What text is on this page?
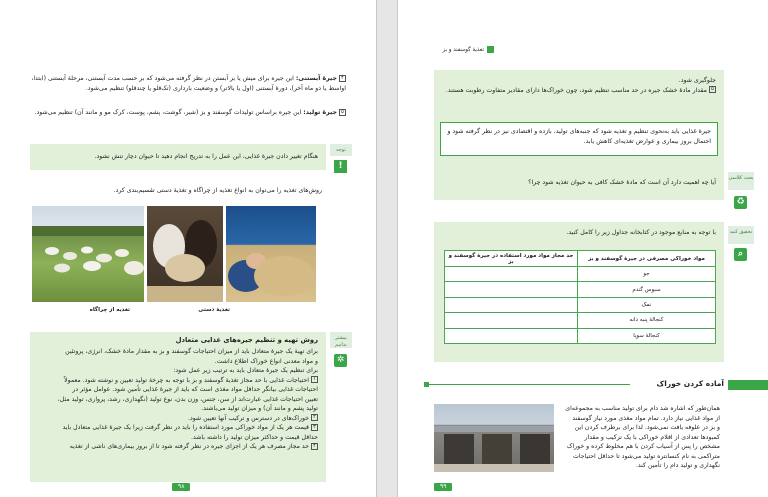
۴جیرهٔ آبستنی: این جیره برای میش یا بز آبستن در نظر گرفته می‌شود که بر حسب مدت آبستنی، مرحلهٔ آبستنی (ابتدا، اواسط یا دو ماه آخر)، دورهٔ آبستنی (اول یا بالاتر) و وضعیت بارداری (تک‌قلو یا چندقلو) تنظیم می‌شود.
۵جیرهٔ تولید: این جیره براساس تولیدات گوسفند و بز (شیر، گوشت، پشم، پوست، کرک مو و مانند آن) تنظیم می‌شود.
هنگام تغییر دادن جیرهٔ غذایی، این عمل را به تدریج انجام دهید تا حیوان دچار تنش نشود.
توجه
!
روش‌های تغذیه را می‌توان به انواع تغذیه از چراگاه و تغذیهٔ دستی تقسیم‌بندی کرد.
تغذیه از چراگاه	تغذیهٔ دستی
روش تهیه و تنظیم جیره‌های غذایی متعادل
برای تهیهٔ یک جیرهٔ متعادل باید از میزان احتیاجات گوسفند و بز به مقدار مادهٔ خشک، انرژی، پروتئین
و مواد معدنی انواع خوراک اطلاع داشت.
برای تنظیم یک جیرهٔ متعادل باید به ترتیب زیر عمل شود:
۱احتیاجات غذایی با حد مجاز تغذیهٔ گوسفند و بز با توجه به چرخهٔ تولید تعیین و نوشته شود. معمولاً
احتیاجات غذایی بیانگر حداقل مواد مغذی است که باید از جیرهٔ غذایی تأمین شود. عوامل مؤثر در
تعیین احتیاجات غذایی عبارت‌اند از سن، جنس، وزن بدن، نوع تولید (نگهداری، رشد، پرواری، تولید مثل،
تولید پشم و مانند آن) و میزان تولید می‌باشند.
۲خوراک‌های در دسترس و ترکیب آنها تعیین شود.
۳قیمت هر یک از مواد خوراکی مورد استفاده را باید در نظر گرفت زیرا یک جیرهٔ غذایی متعادل باید
حداقل قیمت و حداکثر میزان تولید را داشته باشد.
۴حد مجاز مصرف هر یک از اجزای جیره در نظر گرفته شود تا از بروز بیماری‌های ناشی از تغذیه
بیشتر بدانیم
✲
۹۸
تغذیهٔ گوسفند و بز
جلوگیری شود.
۵مقدار مادهٔ خشک جیره در حد مناسب تنظیم شود، چون خوراک‌ها دارای مقادیر متفاوت رطوبت هستند.
جیرهٔ غذایی باید به‌نحوی تنظیم و تغذیه شود که جنبه‌های تولید، بازده و اقتصادی نیز در نظر گرفته شود و احتمال بروز بیماری و عوارض تغذیه‌ای کاهش یابد.
آیا چه اهمیت دارد آن است که مادهٔ خشک کافی به حیوان تغذیه شود چرا؟
بحث کلاسی
♻
با توجه به منابع موجود در کتابخانه جداول زیر را کامل کنید.	تحقیق کنید
⌕
مواد خوراکی مصرفی در جیرهٔ گوسفند و بز	حد مجاز مواد مورد استفاده در جیرهٔ گوسفند و بز
جو	
سبوس گندم	
نمک	
کنجالهٔ پنبه دانه	
کنجالهٔ سویا	
آماده کردن خوراک
همان‌طور که اشاره شد دام برای تولید مناسب به مجموعه‌ای
از مواد غذایی نیاز دارد. تمام مواد مغذی مورد نیاز گوسفند
و بز در علوفه یافت نمی‌شود. لذا برای برطرف کردن این
کمبودها تعدادی از اقلام خوراکی با یک ترکیب و مقدار
مشخص را پس از آسیاب کردن با هم مخلوط کرده و خوراک
متراکمی به نام کنسانتره تولید می‌شود تا حداقل احتیاجات
نگهداری و تولید دام را تأمین کند.
۹۹
